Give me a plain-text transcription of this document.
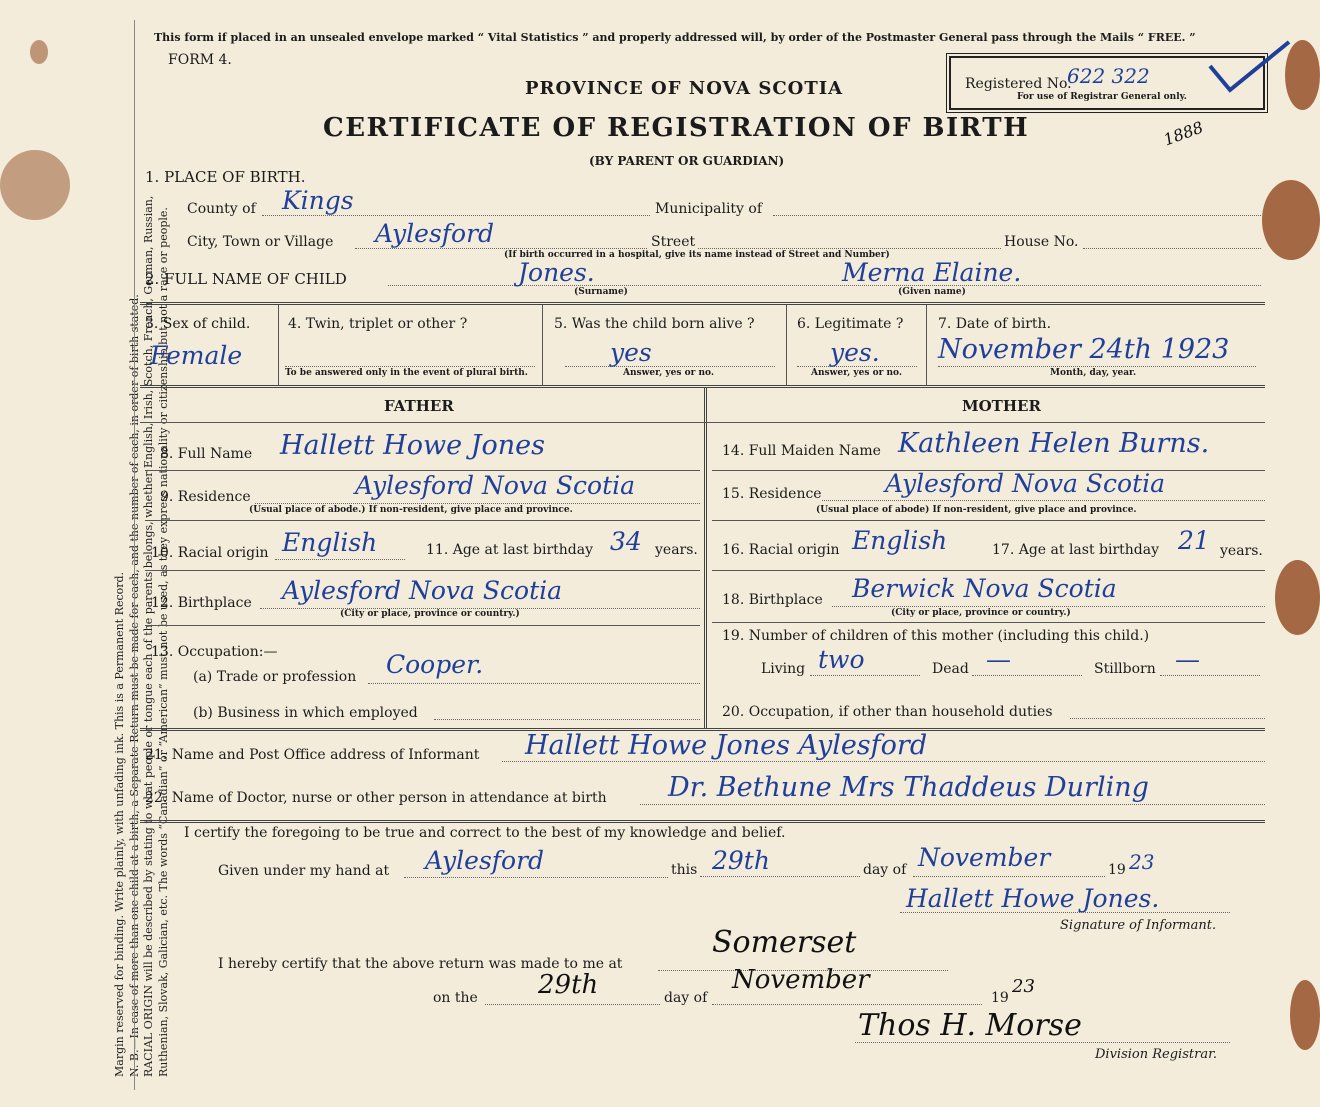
Margin reserved for binding. Write plainly, with unfading ink. This is a Permanent Record. N. B.—In case of more than one child at a birth, a Separate Return must be made for each, and the number of each, in order of birth stated. RACIAL ORIGIN will be described by stating to what people or tongue each of the parents belongs, whether English, Irish, Scotch, French, German, Russian, Ruthenian, Slovak, Galician, etc. The words “Canadian” or “American” must not be used, as they express nationality or citizenship but not a race or people.
This form if placed in an unsealed envelope marked “ Vital Statistics ” and properly addressed will, by order of the Postmaster General pass through the Mails “ FREE. ”
FORM 4.
Registered No.
622 322
For use of Registrar General only.
PROVINCE OF NOVA SCOTIA
CERTIFICATE OF REGISTRATION OF BIRTH
(BY PARENT OR GUARDIAN)
1888
1. PLACE OF BIRTH.
County of Kings	Municipality of
City, Town or Village Aylesford	Street	House No.
(If birth occurred in a hospital, give its name instead of Street and Number)
2. FULL NAME OF CHILD	Jones.
(Surname)
Merna Elaine.
(Given name)
3. Sex of child.
Female
4. Twin, triplet or other ?
To be answered only in the event of plural birth.
5. Was the child born alive ?
yes
Answer, yes or no.
6. Legitimate ?
yes.
Answer, yes or no.
7. Date of birth.
November 24th 1923
Month, day, year.
FATHER	MOTHER
8. Full Name Hallett Howe Jones
9. Residence	Aylesford Nova Scotia
(Usual place of abode.) If non-resident, give place and province.
10. Racial origin English	11. Age at last birthday 34 years.
12. Birthplace Aylesford Nova Scotia
(City or place, province or country.)
13. Occupation:—
(a) Trade or profession Cooper.
(b) Business in which employed
14. Full Maiden Name Kathleen Helen Burns.
15. Residence	Aylesford Nova Scotia
(Usual place of abode) If non-resident, give place and province.
16. Racial origin English	17. Age at last birthday 21 years.
18. Birthplace Berwick Nova Scotia
(City or place, province or country.)
19. Number of children of this mother (including this child.)
Living two	Dead —	Stillborn —
20. Occupation, if other than household duties
21. Name and Post Office address of Informant Hallett Howe Jones Aylesford
22. Name of Doctor, nurse or other person in attendance at birth Dr. Bethune Mrs Thaddeus Durling
I certify the foregoing to be true and correct to the best of my knowledge and belief.
Given under my hand at Aylesford	this 29th	day of November	19 23
Hallett Howe Jones.
Signature of Informant.
I hereby certify that the above return was made to me at
Somerset
on the 29th	day of
November
19
23
Thos H. Morse
Division Registrar.
